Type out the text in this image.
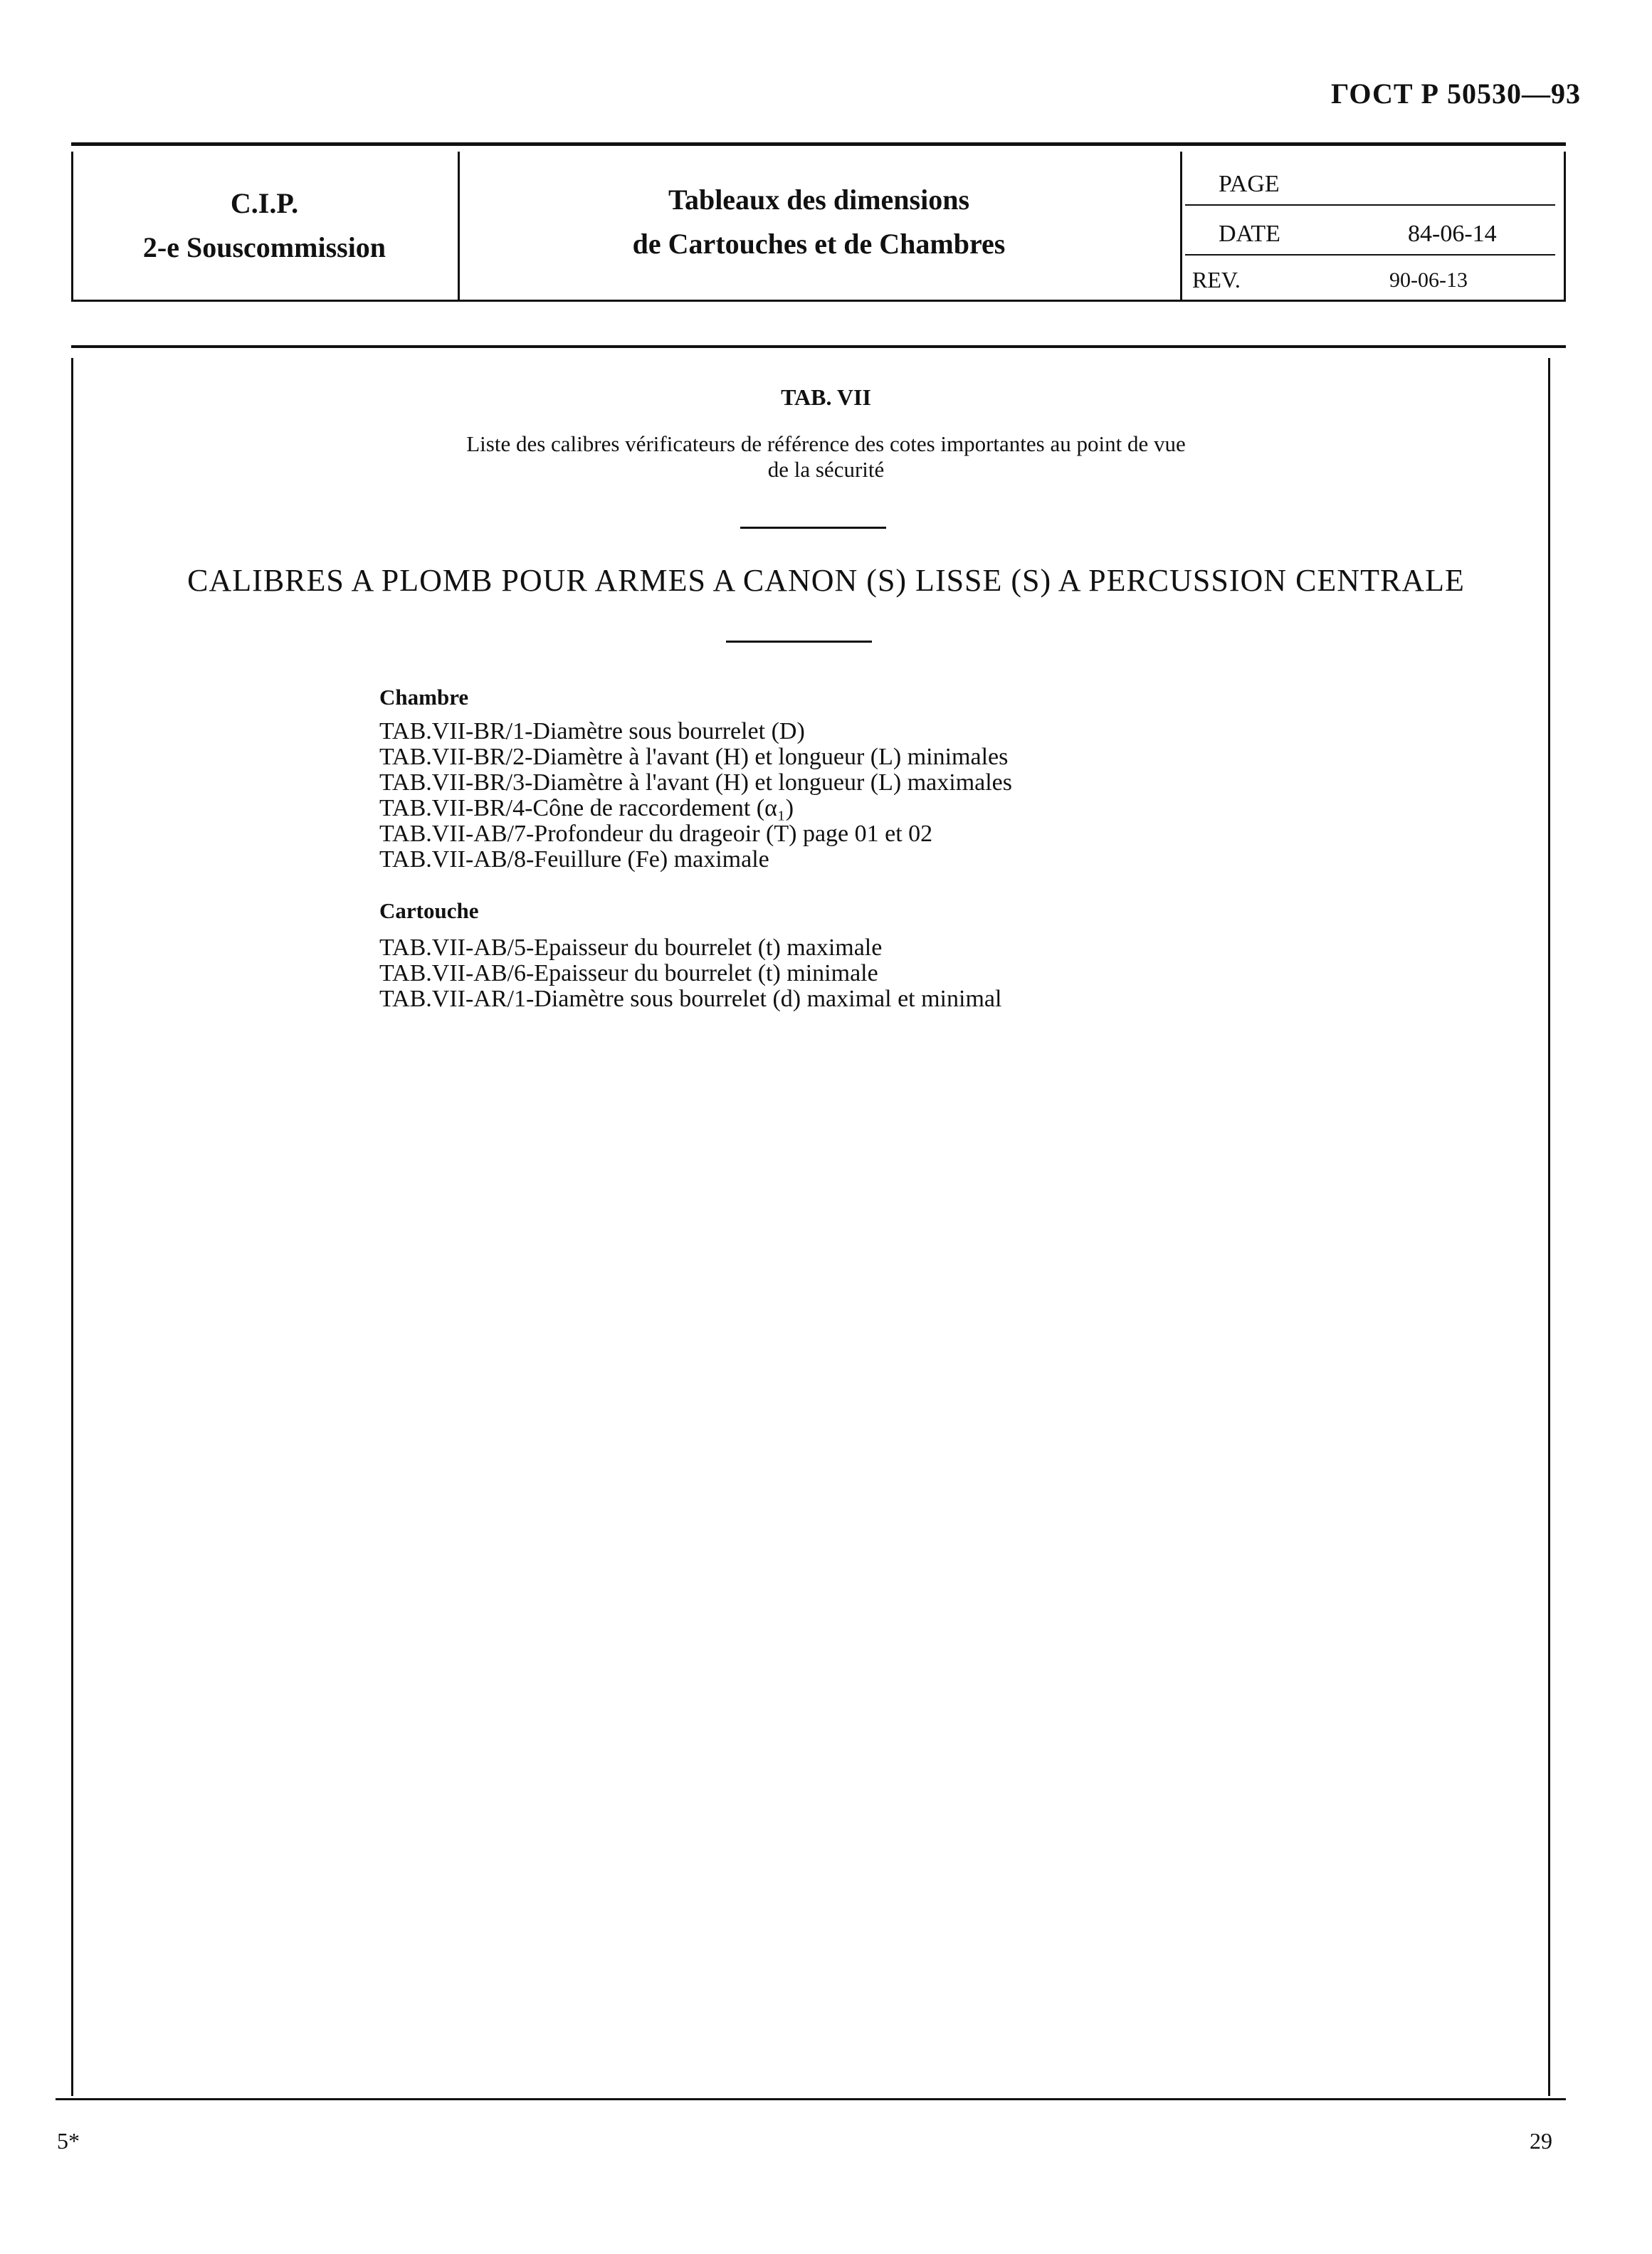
ГОСТ Р 50530—93
C.I.P.
2-e Souscommission
Tableaux des dimensions
de Cartouches et de Chambres
PAGE
DATE	84-06-14
REV.	90-06-13
TAB. VII
Liste des calibres vérificateurs de référence des cotes importantes au point de vue
de la sécurité
CALIBRES A PLOMB POUR ARMES A CANON (S) LISSE (S) A PERCUSSION CENTRALE
Chambre
TAB.VII-BR/1-Diamètre sous bourrelet (D)
TAB.VII-BR/2-Diamètre à l'avant (H) et longueur (L) minimales
TAB.VII-BR/3-Diamètre à l'avant (H) et longueur (L) maximales
TAB.VII-BR/4-Cône de raccordement (α₁)
TAB.VII-AB/7-Profondeur du drageoir (T) page 01 et 02
TAB.VII-AB/8-Feuillure (Fe) maximale
Cartouche
TAB.VII-AB/5-Epaisseur du bourrelet (t) maximale
TAB.VII-AB/6-Epaisseur du bourrelet (t) minimale
TAB.VII-AR/1-Diamètre sous bourrelet (d) maximal et minimal
5*	29
